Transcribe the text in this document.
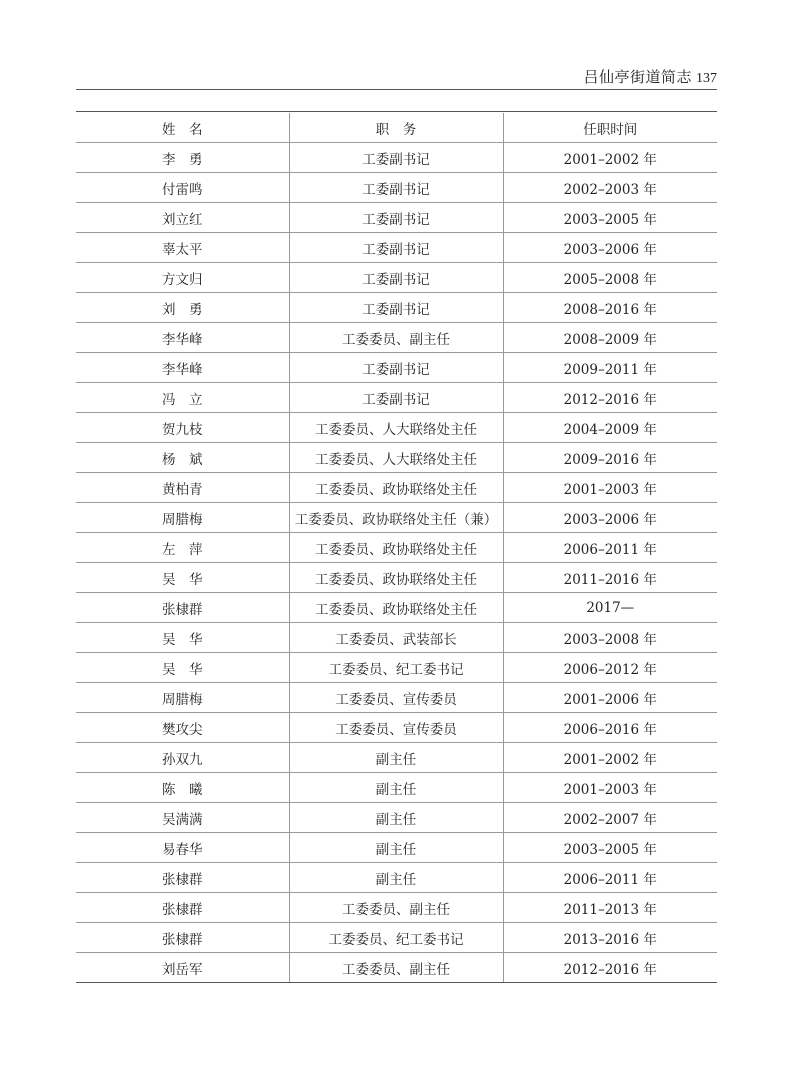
吕仙亭街道简志 137
姓　名	职　务	任职时间
李　勇	工委副书记	2001–2002 年
付雷鸣	工委副书记	2002–2003 年
刘立红	工委副书记	2003–2005 年
辜太平	工委副书记	2003–2006 年
方文归	工委副书记	2005–2008 年
刘　勇	工委副书记	2008–2016 年
李华峰	工委委员、副主任	2008–2009 年
李华峰	工委副书记	2009–2011 年
冯　立	工委副书记	2012–2016 年
贺九枝	工委委员、人大联络处主任	2004–2009 年
杨　斌	工委委员、人大联络处主任	2009–2016 年
黄柏青	工委委员、政协联络处主任	2001–2003 年
周腊梅	工委委员、政协联络处主任（兼）	2003–2006 年
左　萍	工委委员、政协联络处主任	2006–2011 年
吴　华	工委委员、政协联络处主任	2011–2016 年
张棣群	工委委员、政协联络处主任	2017—
吴　华	工委委员、武装部长	2003–2008 年
吴　华	工委委员、纪工委书记	2006–2012 年
周腊梅	工委委员、宣传委员	2001–2006 年
樊攻尖	工委委员、宣传委员	2006–2016 年
孙双九	副主任	2001–2002 年
陈　曦	副主任	2001–2003 年
吴满满	副主任	2002–2007 年
易春华	副主任	2003–2005 年
张棣群	副主任	2006–2011 年
张棣群	工委委员、副主任	2011–2013 年
张棣群	工委委员、纪工委书记	2013–2016 年
刘岳军	工委委员、副主任	2012–2016 年
